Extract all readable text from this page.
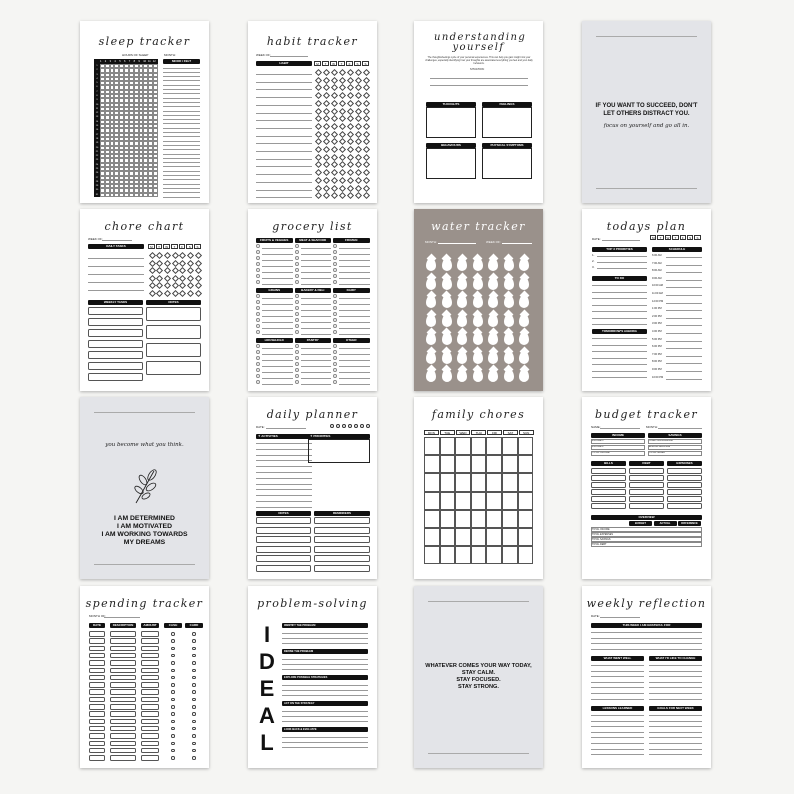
sleep tracker
HOURS OF SLEEP	MONTH:
1 2 3 4 5 6 7 8 9 10 11 12
1
2
3
4
5
6
7
8
9
10
11
12
13
14
15
16
17
18
19
20
21
22
23
24
25
26
27
28
29
30
31
MOOD / FELT
habit tracker
WEEK OF:
HABIT	M	T	W	T	F	S	S
understanding yourself
The thoughts/feelings cycle of your personal experiences. This can help you gain insight into your challenges, especially identifying how your thoughts are associated everything you feel and your daily behaviors.
SITUATION:
THOUGHTS	FEELINGS
BEHAVIOURS	PHYSICAL SYMPTOMS
IF YOU WANT TO SUCCEED, DON'T LET OTHERS DISTRACT YOU.
focus on yourself and go all in.
chore chart
WEEK OF:
DAILY TASKS	M	T	W	T	F	S	S
WEEKLY TASKS	NOTES
grocery list
FRUITS & VEGGIES	MEAT & SEAFOOD	FROZEN
GRAINS	BAKERY & DELI	DAIRY
HOUSEHOLD	PANTRY	OTHER
water tracker
MONTH:	WEEK OF:
todays plan
DATE:	M	T	W	T	F	S	S
TOP 3 PRIORITIES
1.
2.
3.
TO DO
TOMORROW'S AGENDA
SCHEDULE
6:00 AM
7:00 AM
8:00 AM
9:00 AM
10:00 AM
11:00 AM
12:00 PM
1:00 PM
2:00 PM
3:00 PM
4:00 PM
5:00 PM
6:00 PM
7:00 PM
8:00 PM
9:00 PM
10:00 PM
you become what you think.
I AM DETERMINED
I AM MOTIVATED
I AM WORKING TOWARDS
MY DREAMS
daily planner
DATE:
✦ ACTIVITIES	✦ PRIORITIES
NOTES	REMINDERS
family chores
MON	TUE	WED	THU	FRI	SAT	SUN
budget tracker
NAME:	MONTH:
INCOME	SAVINGS
INCOME 1
INCOME 2
TOTAL INCOME
STARTING BALANCE
ENDING BALANCE
TOTAL SAVED
BILLS	DEBT	EXPENSES
OVERVIEW
BUDGET	ACTUAL	DIFFERENCE
TOTAL INCOME
TOTAL EXPENSES
TOTAL SAVINGS
TOTAL DEBT
spending tracker
MONTH OF:
DATE	DESCRIPTION	AMOUNT	CASH	CARD
problem-solving
I
D
E
A
L
IDENTIFY THE PROBLEM
DEFINE THE PROBLEM
EXPLORE POSSIBLE STRATEGIES
ACT ON THE STRATEGY
LOOK BACK & EVALUATE
WHATEVER COMES YOUR WAY TODAY,
STAY CALM.
STAY FOCUSED.
STAY STRONG.
weekly reflection
DATE:
THIS WEEK I AM GRATEFUL FOR
WHAT WENT WELL	WHAT I'D LIKE TO CHANGE
LESSONS LEARNED	GOALS FOR NEXT WEEK
